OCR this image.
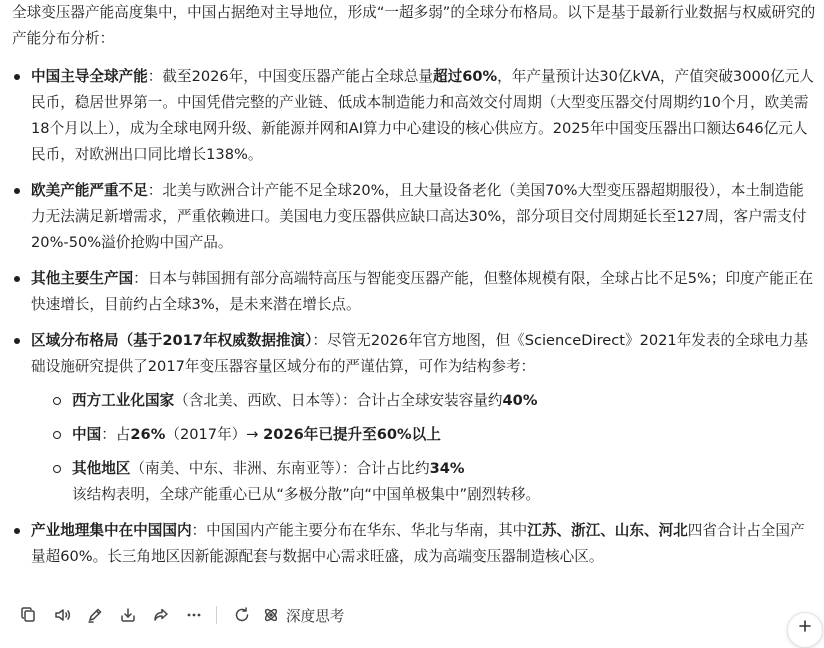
全球变压器产能高度集中，中国占据绝对主导地位，形成“一超多弱”的全球分布格局。以下是基于最新行业数据与权威研究的产能分布分析：

中国主导全球产能：截至2026年，中国变压器产能占全球总量超过60%，年产量预计达30亿kVA，产值突破3000亿元人民币，稳居世界第一。中国凭借完整的产业链、低成本制造能力和高效交付周期（大型变压器交付周期约10个月，欧美需18个月以上），成为全球电网升级、新能源并网和AI算力中心建设的核心供应方。2025年中国变压器出口额达646亿元人民币，对欧洲出口同比增长138%。
欧美产能严重不足：北美与欧洲合计产能不足全球20%，且大量设备老化（美国70%大型变压器超期服役），本土制造能力无法满足新增需求，严重依赖进口。美国电力变压器供应缺口高达30%，部分项目交付周期延长至127周，客户需支付20%-50%溢价抢购中国产品。
其他主要生产国：日本与韩国拥有部分高端特高压与智能变压器产能，但整体规模有限，全球占比不足5%；印度产能正在快速增长，目前约占全球3%，是未来潜在增长点。
区域分布格局（基于2017年权威数据推演）：尽管无2026年官方地图，但《ScienceDirect》2021年发表的全球电力基础设施研究提供了2017年变压器容量区域分布的严谨估算，可作为结构参考：
西方工业化国家（含北美、西欧、日本等）：合计占全球安装容量约40%
中国：占26%（2017年）→ 2026年已提升至60%以上
其他地区（南美、中东、非洲、东南亚等）：合计占比约34%
该结构表明，全球产能重心已从“多极分散”向“中国单极集中”剧烈转移。
产业地理集中在中国国内：中国国内产能主要分布在华东、华北与华南，其中江苏、浙江、山东、河北四省合计占全国产量超60%。长三角地区因新能源配套与数据中心需求旺盛，成为高端变压器制造核心区。
深度思考
